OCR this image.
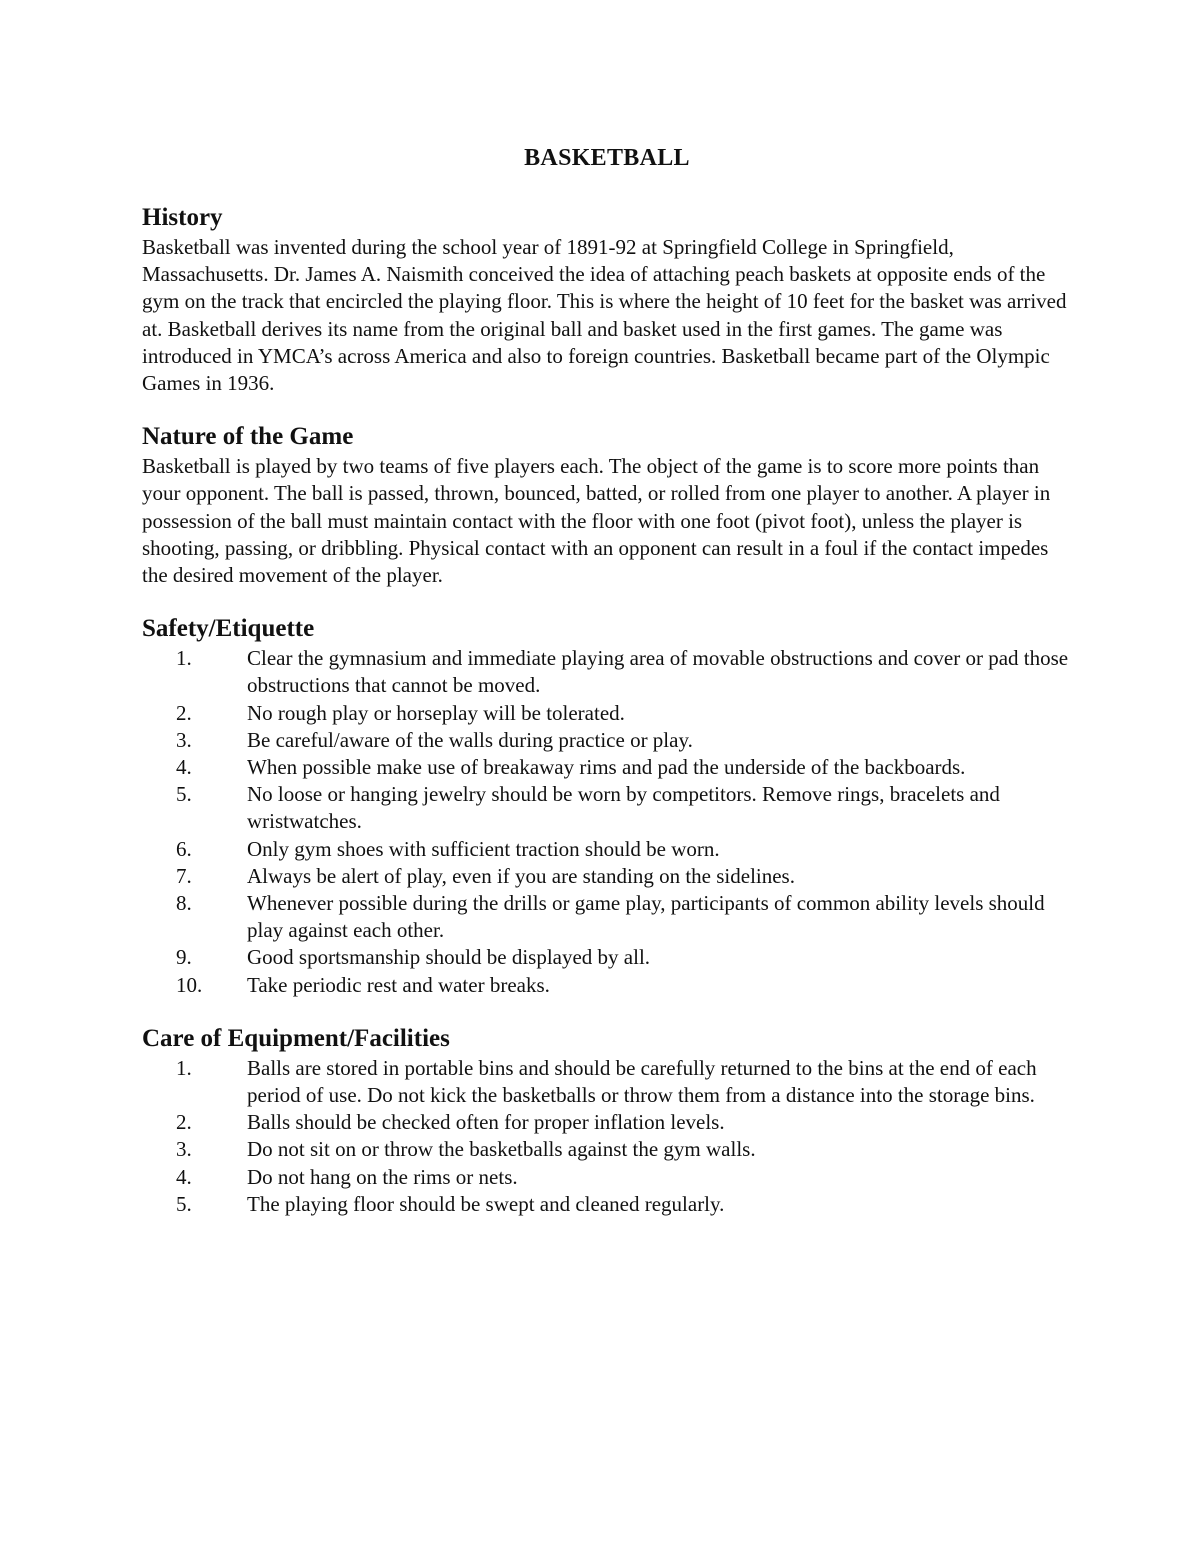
BASKETBALL
History

Basketball was invented during the school year of 1891-92 at Springfield College in Springfield, Massachusetts. Dr. James A. Naismith conceived the idea of attaching peach baskets at opposite ends of the gym on the track that encircled the playing floor. This is where the height of 10 feet for the basket was arrived at. Basketball derives its name from the original ball and basket used in the first games. The game was introduced in YMCA’s across America and also to foreign countries. Basketball became part of the Olympic Games in 1936.

Nature of the Game

Basketball is played by two teams of five players each. The object of the game is to score more points than your opponent. The ball is passed, thrown, bounced, batted, or rolled from one player to another. A player in possession of the ball must maintain contact with the floor with one foot (pivot foot), unless the player is shooting, passing, or dribbling. Physical contact with an opponent can result in a foul if the contact impedes the desired movement of the player.

Safety/Etiquette
1.	Clear the gymnasium and immediate playing area of movable obstructions and cover or pad those obstructions that cannot be moved.
2.	No rough play or horseplay will be tolerated.
3.	Be careful/aware of the walls during practice or play.
4.	When possible make use of breakaway rims and pad the underside of the backboards.
5.	No loose or hanging jewelry should be worn by competitors. Remove rings, bracelets and wristwatches.
6.	Only gym shoes with sufficient traction should be worn.
7.	Always be alert of play, even if you are standing on the sidelines.
8.	Whenever possible during the drills or game play, participants of common ability levels should play against each other.
9.	Good sportsmanship should be displayed by all.
10. Take periodic rest and water breaks.
Care of Equipment/Facilities
1.	Balls are stored in portable bins and should be carefully returned to the bins at the end of each period of use. Do not kick the basketballs or throw them from a distance into the storage bins.
2.	Balls should be checked often for proper inflation levels.
3.	Do not sit on or throw the basketballs against the gym walls.
4.	Do not hang on the rims or nets.
5.	The playing floor should be swept and cleaned regularly.
